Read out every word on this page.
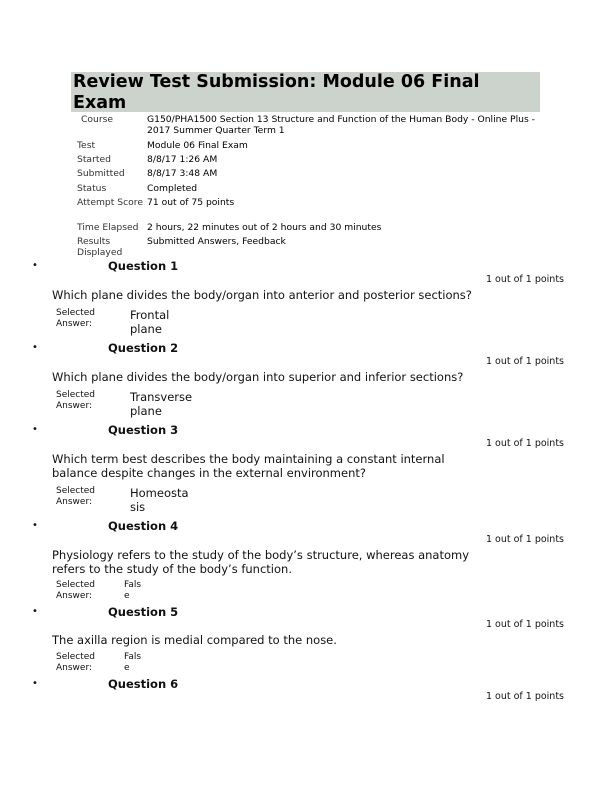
Review Test Submission: Module 06 Final Exam
Course	G150/PHA1500 Section 13 Structure and Function of the Human Body - Online Plus - 2017 Summer Quarter Term 1
Test	Module 06 Final Exam
Started	8/8/17 1:26 AM
Submitted	8/8/17 3:48 AM
Status	Completed
Attempt Score 71 out of 75 points
Time Elapsed 2 hours, 22 minutes out of 2 hours and 30 minutes
Results Displayed
Submitted Answers, Feedback
•	Question 1
1 out of 1 points
Which plane divides the body/organ into anterior and posterior sections?
Selected Answer:
Frontal plane
•	Question 2
1 out of 1 points
Which plane divides the body/organ into superior and inferior sections?
Selected Answer:
Transverse plane
•	Question 3
1 out of 1 points
Which term best describes the body maintaining a constant internal balance despite changes in the external environment?
Selected Answer:
Homeostasis
•	Question 4
1 out of 1 points
Physiology refers to the study of the body’s structure, whereas anatomy refers to the study of the body’s function.
Selected Answer:
False
•	Question 5
1 out of 1 points
The axilla region is medial compared to the nose.
Selected Answer:
False
•	Question 6
1 out of 1 points
